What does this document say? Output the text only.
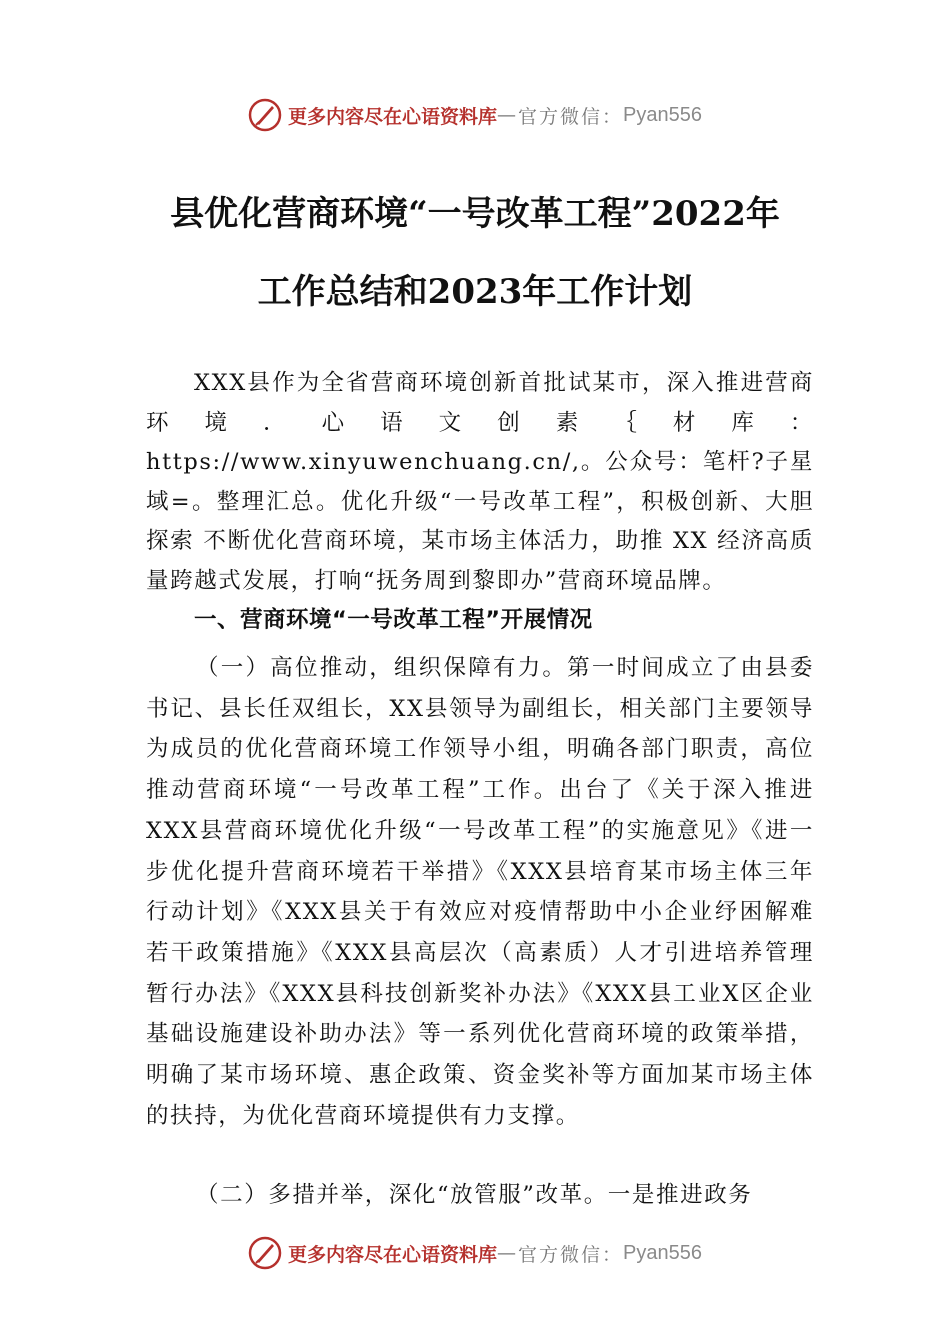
更多内容尽在心语资料库 — 官方微信： Pyan556
县优化营商环境“一号改革工程”2022年
工作总结和2023年工作计划
XXX县作为全省营商环境创新首批试某市，深入推进营商环境．心语文创素｛材库：https://www.xinyuwenchuang.cn/,。公众号：笔杆?子星域=。整理汇总。优化升级“一号改革工程”，积极创新、大胆探索 不断优化营商环境，某市场主体活力，助推 XX 经济高质量跨越式发展，打响“抚务周到黎即办”营商环境品牌。
一、营商环境“一号改革工程”开展情况
（一）高位推动，组织保障有力。第一时间成立了由县委书记、县长任双组长，XX县领导为副组长，相关部门主要领导为成员的优化营商环境工作领导小组，明确各部门职责，高位推动营商环境“一号改革工程”工作。出台了《关于深入推进 XXX县营商环境优化升级“一号改革工程”的实施意见》《进一步优化提升营商环境若干举措》《XXX县培育某市场主体三年行动计划》《XXX县关于有效应对疫情帮助中小企业纾困解难若干政策措施》《XXX县高层次（高素质）人才引进培养管理暂行办法》《XXX县科技创新奖补办法》《XXX县工业X区企业基础设施建设补助办法》等一系列优化营商环境的政策举措，明确了某市场环境、惠企政策、资金奖补等方面加某市场主体的扶持，为优化营商环境提供有力支撑。
（二）多措并举，深化“放管服”改革。一是推进政务
更多内容尽在心语资料库 — 官方微信： Pyan556
